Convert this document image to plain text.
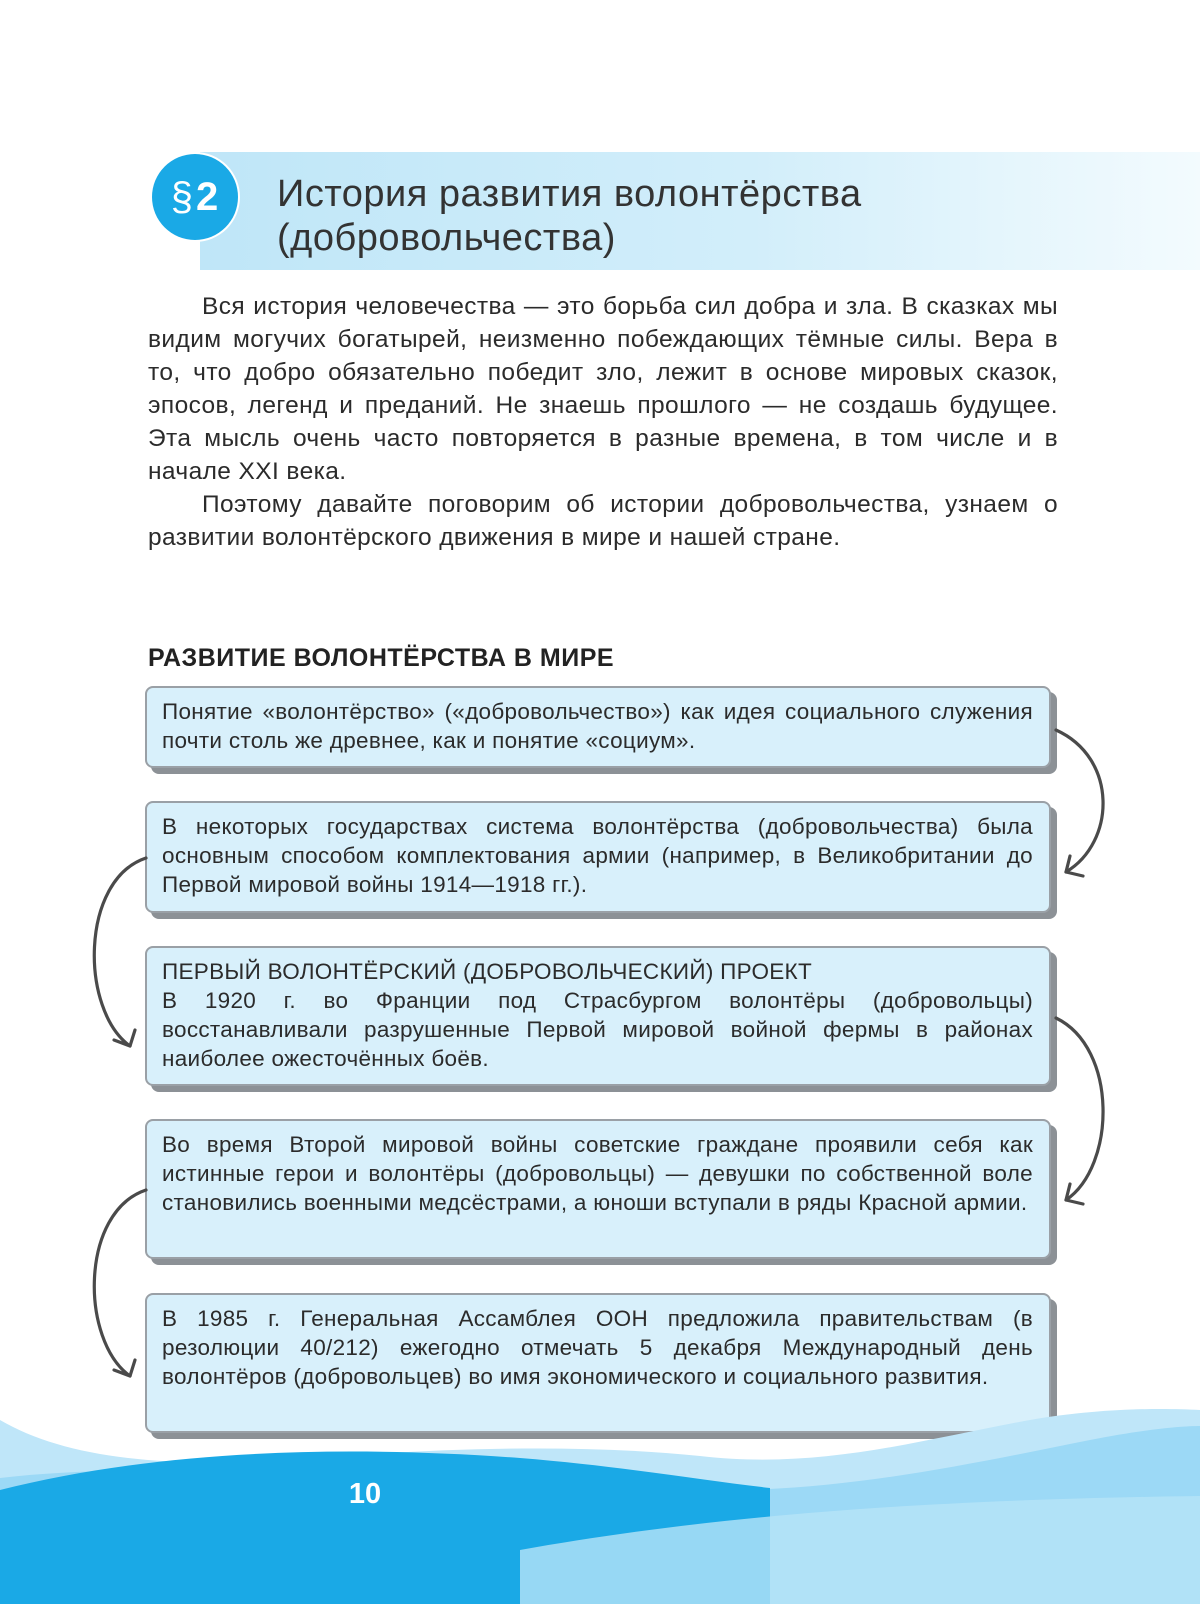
§ 2 История развития волонтёрства
(добровольчества)

Вся история человечества — это борьба сил добра и зла. В сказках мы видим могучих богатырей, неизменно побеждающих тёмные силы. Вера в то, что добро обязательно победит зло, лежит в основе мировых сказок, эпосов, легенд и преданий. Не знаешь прошлого — не создашь будущее. Эта мысль очень часто повторяется в разные времена, в том числе и в начале XXI века.

Поэтому давайте поговорим об истории добровольчества, узнаем о развитии волонтёрского движения в мире и нашей стране.

РАЗВИТИЕ ВОЛОНТЁРСТВА В МИРЕ
Понятие «волонтёрство» («добровольчество») как идея социального служения почти столь же древнее, как и понятие «социум».
В некоторых государствах система волонтёрства (добровольчества) была основным способом комплектования армии (например, в Великобритании до Первой мировой войны 1914—1918 гг.).
ПЕРВЫЙ ВОЛОНТЁРСКИЙ (ДОБРОВОЛЬЧЕСКИЙ) ПРОЕКТ
В 1920 г. во Франции под Страсбургом волонтёры (добровольцы) восстанавливали разрушенные Первой мировой войной фермы в районах наиболее ожесточённых боёв.
Во время Второй мировой войны советские граждане проявили себя как истинные герои и волонтёры (добровольцы) — девушки по собственной воле становились военными медсёстрами, а юноши вступали в ряды Красной армии.
В 1985 г. Генеральная Ассамблея ООН предложила правительствам (в резолюции 40/212) ежегодно отмечать 5 декабря Международный день волонтёров (добровольцев) во имя экономического и социального развития.
10
